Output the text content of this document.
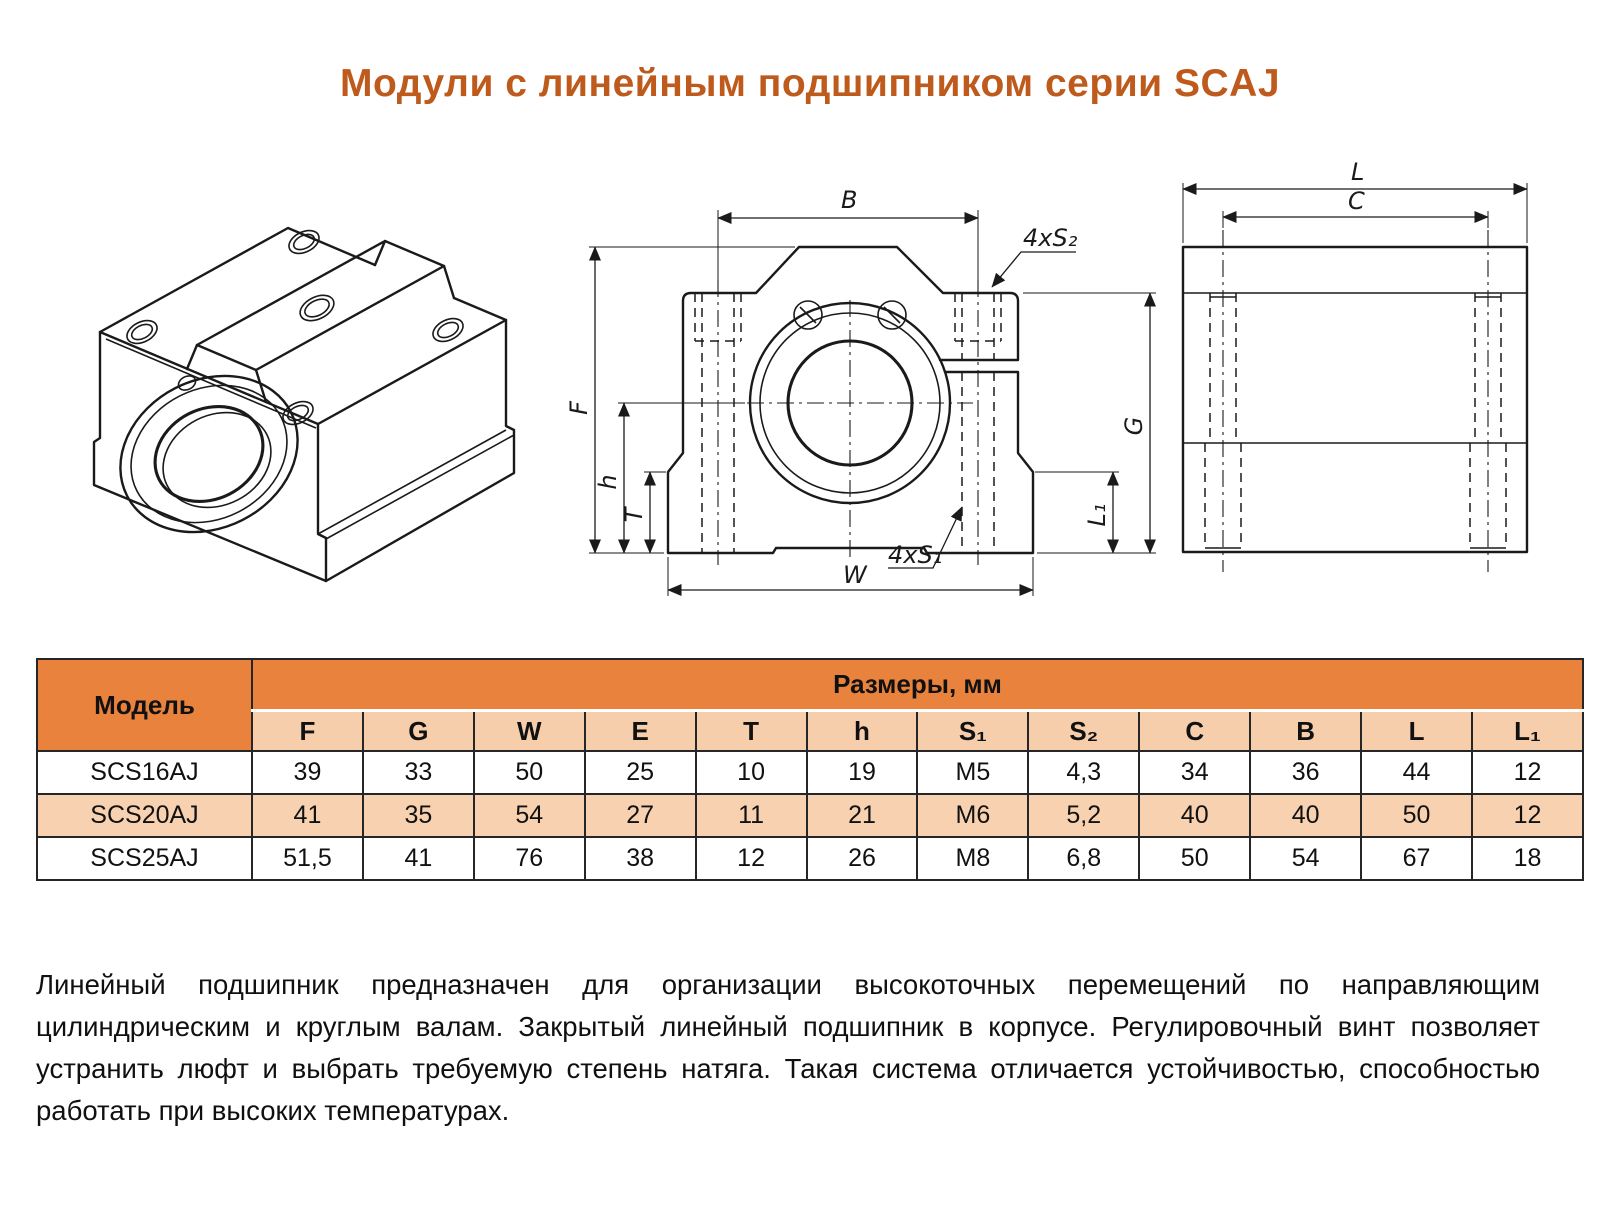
Модули с линейным подшипником серии SCAJ
B
F
h
T
W
L₁
G
4xS₂
4xS₁
L
C
Модель	Размеры, мм											
	F	G	W	E	T	h	S₁	S₂	C	B	L	L₁
SCS16AJ	39	33	50	25	10	19	M5	4,3	34	36	44	12
SCS20AJ	41	35	54	27	11	21	M6	5,2	40	40	50	12
SCS25AJ	51,5	41	76	38	12	26	M8	6,8	50	54	67	18

Линейный подшипник предназначен для организации высокоточных перемещений по направляющим цилиндрическим и круглым валам. Закрытый линейный подшипник в корпусе. Регулировочный винт позволяет устранить люфт и выбрать требуемую степень натяга. Такая система отличается устойчивостью, способностью работать при высоких температурах.
